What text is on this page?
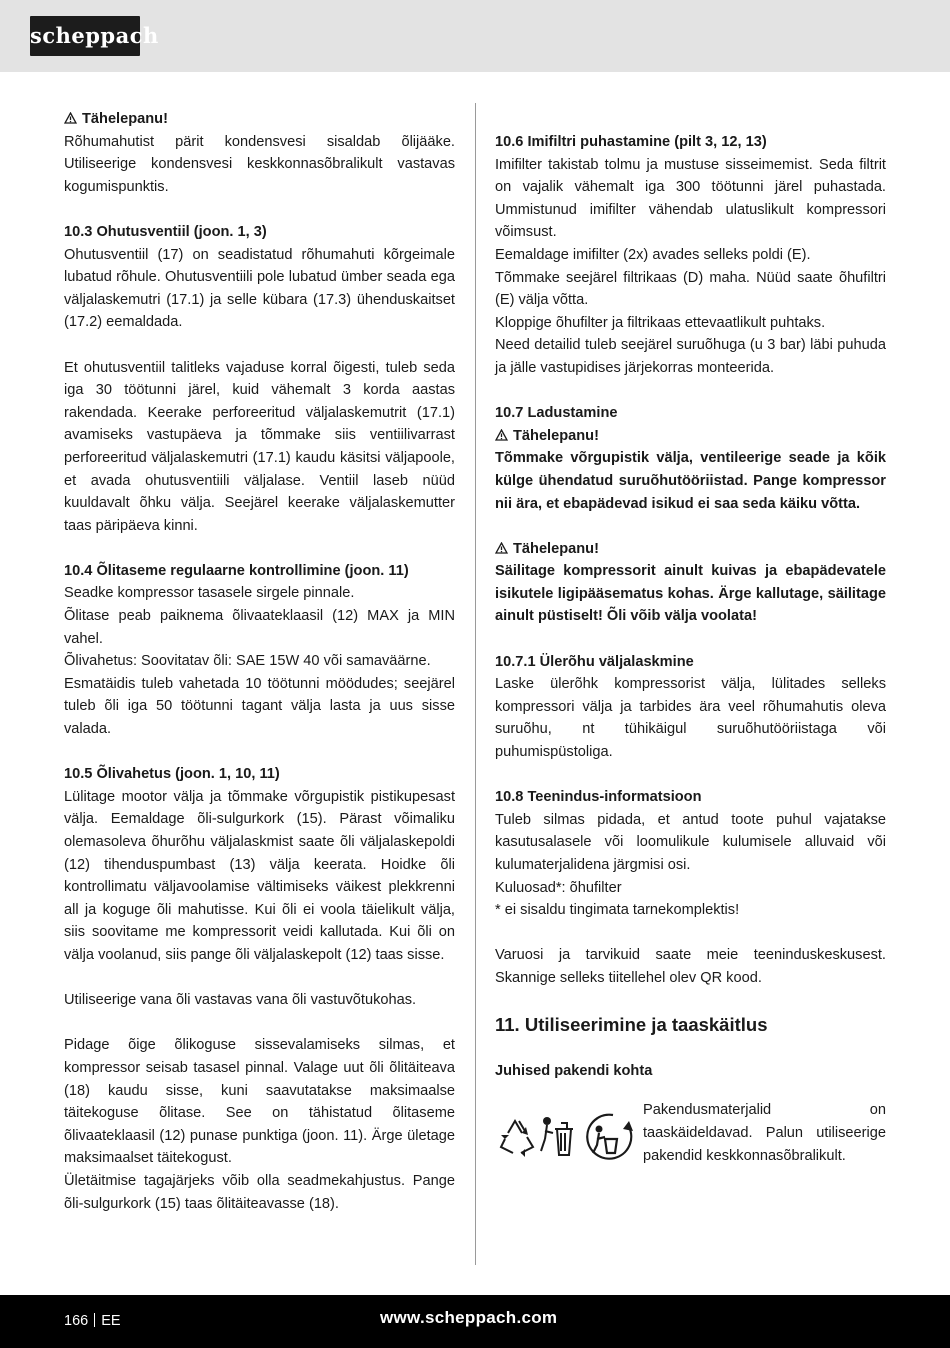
scheppach

Tähelepanu!

Rõhumahutist pärit kondensvesi sisaldab õlijääke. Utiliseerige kondensvesi keskkonnasõbralikult vastavas kogumispunktis.

10.3 Ohutusventiil (joon. 1, 3)

Ohutusventiil (17) on seadistatud rõhumahuti kõrgeimale lubatud rõhule. Ohutusventiili pole lubatud ümber seada ega väljalaskemutri (17.1) ja selle kübara (17.3) ühenduskaitset (17.2) eemaldada.

Et ohutusventiil talitleks vajaduse korral õigesti, tuleb seda iga 30 töötunni järel, kuid vähemalt 3 korda aastas rakendada. Keerake perforeeritud väljalaskemutrit (17.1) avamiseks vastupäeva ja tõmmake siis ventiilivarrast perforeeritud väljalaskemutri (17.1) kaudu käsitsi väljapoole, et avada ohutusventiili väljalase. Ventiil laseb nüüd kuuldavalt õhku välja. Seejärel keerake väljalaskemutter taas päripäeva kinni.

10.4 Õlitaseme regulaarne kontrollimine (joon. 11)

Seadke kompressor tasasele sirgele pinnale.

Õlitase peab paiknema õlivaateklaasil (12) MAX ja MIN vahel.

Õlivahetus: Soovitatav õli: SAE 15W 40 või samaväärne.

Esmatäidis tuleb vahetada 10 töötunni möödudes; seejärel tuleb õli iga 50 töötunni tagant välja lasta ja uus sisse valada.

10.5 Õlivahetus (joon. 1, 10, 11)

Lülitage mootor välja ja tõmmake võrgupistik pistikupesast välja. Eemaldage õli-sulgurkork (15). Pärast võimaliku olemasoleva õhurõhu väljalaskmist saate õli väljalaskepoldi (12) tihenduspumbast (13) välja keerata. Hoidke õli kontrollimatu väljavoolamise vältimiseks väikest plekkrenni all ja koguge õli mahutisse. Kui õli ei voola täielikult välja, siis soovitame me kompressorit veidi kallutada. Kui õli on välja voolanud, siis pange õli väljalaskepolt (12) taas sisse.

Utiliseerige vana õli vastavas vana õli vastuvõtukohas.

Pidage õige õlikoguse sissevalamiseks silmas, et kompressor seisab tasasel pinnal. Valage uut õli õlitäiteava (18) kaudu sisse, kuni saavutatakse maksimaalse täitekoguse õlitase. See on tähistatud õlitaseme õlivaateklaasil (12) punase punktiga (joon. 11). Ärge ületage maksimaalset täitekogust.

Ületäitmise tagajärjeks võib olla seadmekahjustus. Pange õli-sulgurkork (15) taas õlitäiteavasse (18).

10.6 Imifiltri puhastamine (pilt 3, 12, 13)

Imifilter takistab tolmu ja mustuse sisseimemist. Seda filtrit on vajalik vähemalt iga 300 töötunni järel puhastada. Ummistunud imifilter vähendab ulatuslikult kompressori võimsust.

Eemaldage imifilter (2x) avades selleks poldi (E).

Tõmmake seejärel filtrikaas (D) maha. Nüüd saate õhufiltri (E) välja võtta.

Kloppige õhufilter ja filtrikaas ettevaatlikult puhtaks.

Need detailid tuleb seejärel suruõhuga (u 3 bar) läbi puhuda ja jälle vastupidises järjekorras monteerida.

10.7 Ladustamine

Tähelepanu!

Tõmmake võrgupistik välja, ventileerige seade ja kõik külge ühendatud suruõhutööriistad. Pange kompressor nii ära, et ebapädevad isikud ei saa seda käiku võtta.

Tähelepanu!

Säilitage kompressorit ainult kuivas ja ebapädevatele isikutele ligipääsematus kohas. Ärge kallutage, säilitage ainult püstiselt! Õli võib välja voolata!

10.7.1 Ülerõhu väljalaskmine

Laske ülerõhk kompressorist välja, lülitades selleks kompressori välja ja tarbides ära veel rõhumahutis oleva suruõhu, nt tühikäigul suruõhutööriistaga või puhumispüstoliga.

10.8 Teenindus-informatsioon

Tuleb silmas pidada, et antud toote puhul vajatakse kasutusalasele või loomulikule kulumisele alluvaid või kulumaterjalidena järgmisi osi.

Kuluosad*: õhufilter

* ei sisaldu tingimata tarnekomplektis!

Varuosi ja tarvikuid saate meie teeninduskeskusest. Skannige selleks tiitellehel olev QR kood.

11. Utiliseerimine ja taaskäitlus

Juhised pakendi kohta

Pakendusmaterjalid on taaskäideldavad. Palun utiliseerige pakendid keskkonnasõbralikult.
166 EE	www.scheppach.com
